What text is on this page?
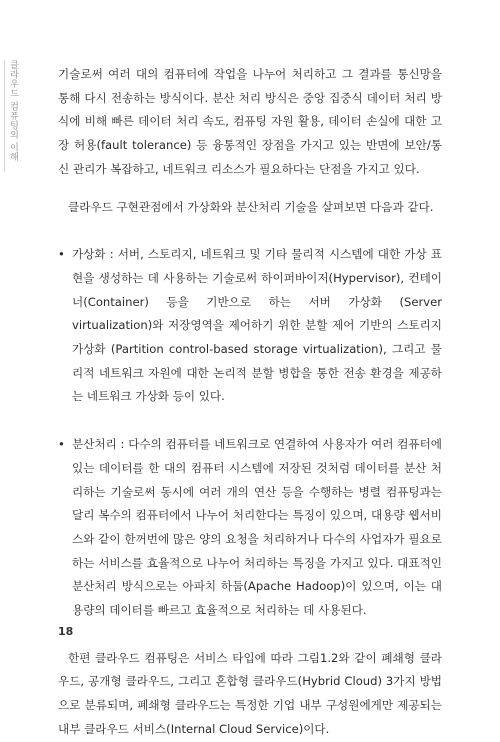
클라우드 컴퓨팅의 이해	기술로써 여러 대의 컴퓨터에 작업을 나누어 처리하고 그 결과를 통신망을 통해 다시 전송하는 방식이다. 분산 처리 방식은 중앙 집중식 데이터 처리 방식에 비해 빠른 데이터 처리 속도, 컴퓨팅 자원 활용, 데이터 손실에 대한 고장 허용(fault tolerance) 등 융통적인 장점을 가지고 있는 반면에 보안/통신 관리가 복잡하고, 네트워크 리소스가 필요하다는 단점을 가지고 있다.

클라우드 구현관점에서 가상화와 분산처리 기술을 살펴보면 다음과 같다.

• 가상화 : 서버, 스토리지, 네트워크 및 기타 물리적 시스템에 대한 가상 표현을 생성하는 데 사용하는 기술로써 하이퍼바이저(Hypervisor), 컨테이너(Container) 등을 기반으로 하는 서버 가상화 (Server virtualization)와 저장영역을 제어하기 위한 분할 제어 기반의 스토리지 가상화 (Partition control-based storage virtualization), 그리고 물리적 네트워크 자원에 대한 논리적 분할 병합을 통한 전송 환경을 제공하는 네트워크 가상화 등이 있다.
• 분산처리 : 다수의 컴퓨터를 네트워크로 연결하여 사용자가 여러 컴퓨터에 있는 데이터를 한 대의 컴퓨터 시스템에 저장된 것처럼 데이터를 분산 처리하는 기술로써 동시에 여러 개의 연산 등을 수행하는 병렬 컴퓨팅과는 달리 복수의 컴퓨터에서 나누어 처리한다는 특징이 있으며, 대용량 웹서비스와 같이 한꺼번에 많은 양의 요청을 처리하거나 다수의 사업자가 필요로 하는 서비스를 효율적으로 나누어 처리하는 특징을 가지고 있다. 대표적인 분산처리 방식으로는 아파치 하둡(Apache Hadoop)이 있으며, 이는 대용량의 데이터를 빠르고 효율적으로 처리하는 데 사용된다.

한편 클라우드 컴퓨팅은 서비스 타입에 따라 그림1.2와 같이 폐쇄형 클라우드, 공개형 클라우드, 그리고 혼합형 클라우드(Hybrid Cloud) 3가지 방법으로 분류되며, 폐쇄형 클라우드는 특정한 기업 내부 구성원에게만 제공되는 내부 클라우드 서비스(Internal Cloud Service)이다.

18
